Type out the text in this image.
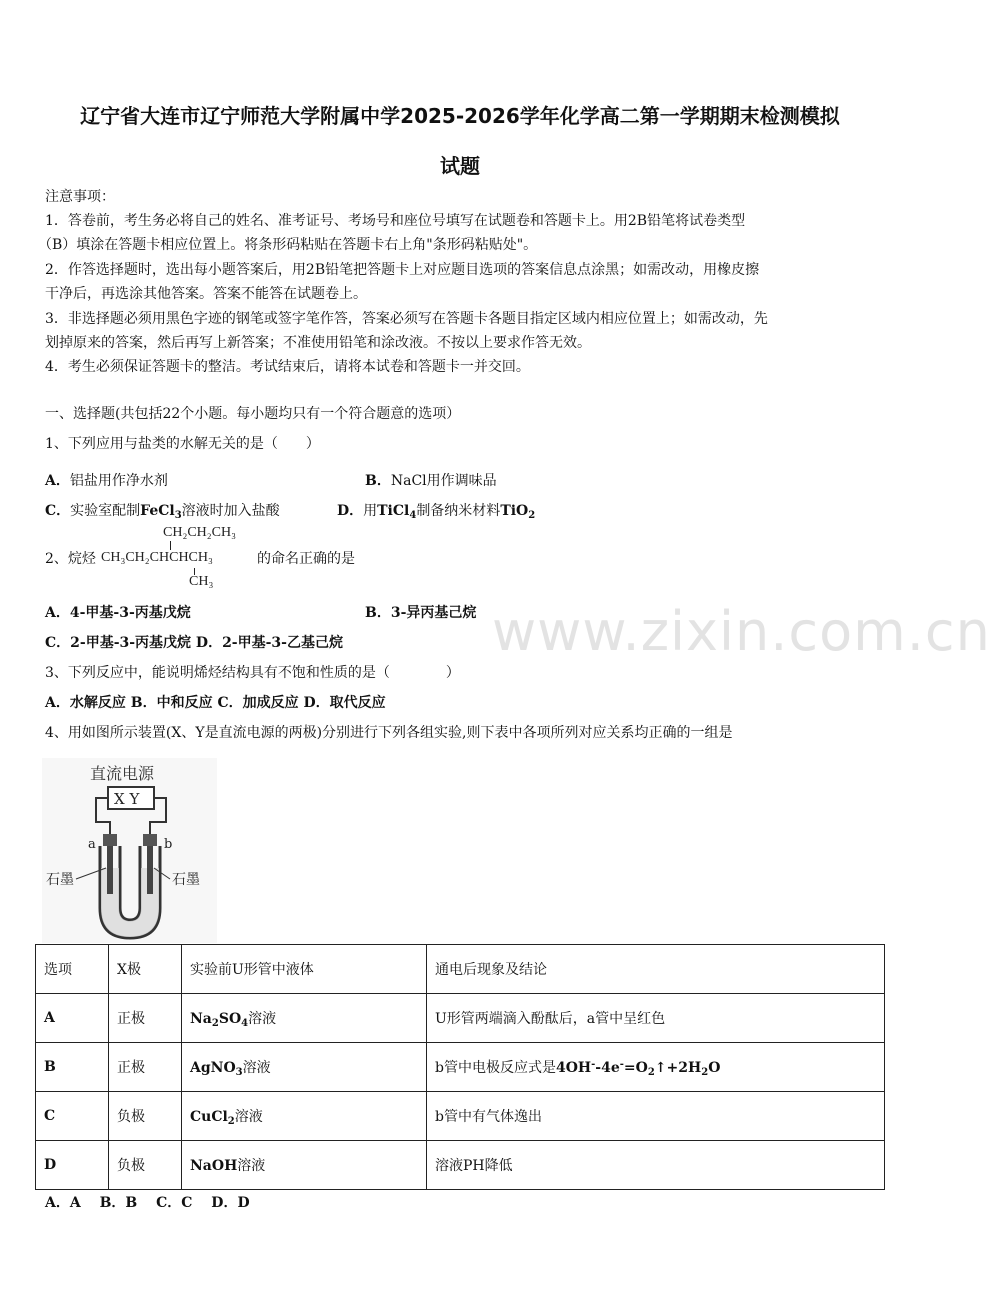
辽宁省大连市辽宁师范大学附属中学2025-2026学年化学高二第一学期期末检测模拟
试题
注意事项：
1．答卷前，考生务必将自己的姓名、准考证号、考场号和座位号填写在试题卷和答题卡上。用2B铅笔将试卷类型
（B）填涂在答题卡相应位置上。将条形码粘贴在答题卡右上角"条形码粘贴处"。
2．作答选择题时，选出每小题答案后，用2B铅笔把答题卡上对应题目选项的答案信息点涂黑；如需改动，用橡皮擦
干净后，再选涂其他答案。答案不能答在试题卷上。
3．非选择题必须用黑色字迹的钢笔或签字笔作答，答案必须写在答题卡各题目指定区域内相应位置上；如需改动，先
划掉原来的答案，然后再写上新答案；不准使用铅笔和涂改液。不按以上要求作答无效。
4．考生必须保证答题卡的整洁。考试结束后，请将本试卷和答题卡一并交回。
一、选择题(共包括22个小题。每小题均只有一个符合题意的选项）
1、下列应用与盐类的水解无关的是（　　）
A．铝盐用作净水剂	B．NaCl用作调味品
C．实验室配制FeCl$_3$溶液时加入盐酸	D．用TiCl$_4$制备纳米材料TiO$_2$
2、烷烃
CH₂CH₂CH₃
CH₃CH₂CHCHCH₃
CH₃
的命名正确的是
A．4-甲基-3-丙基戊烷	B．3-异丙基己烷
C．2-甲基-3-丙基戊烷 D．2-甲基-3-乙基己烷
3、下列反应中，能说明烯烃结构具有不饱和性质的是（　　　　）
A．水解反应 B．中和反应 C．加成反应 D．取代反应
4、用如图所示装置(X、Y是直流电源的两极)分别进行下列各组实验,则下表中各项所列对应关系均正确的一组是
直流电源
X Y
a	b
石墨	石墨
选项	X极	实验前U形管中液体	通电后现象及结论
A	正极	$Na_2SO_4$溶液	U形管两端滴入酚酞后，a管中呈红色
B	正极	AgNO$_3$溶液	b管中电极反应式是$4OH^--4e^-=O_2↑+2H_2O$
C	负极	CuCl$_2$溶液	b管中有气体逸出
D	负极	NaOH溶液	溶液PH降低
A．A　 B．B　 C．C　 D．D
www.zixin.com.cn
